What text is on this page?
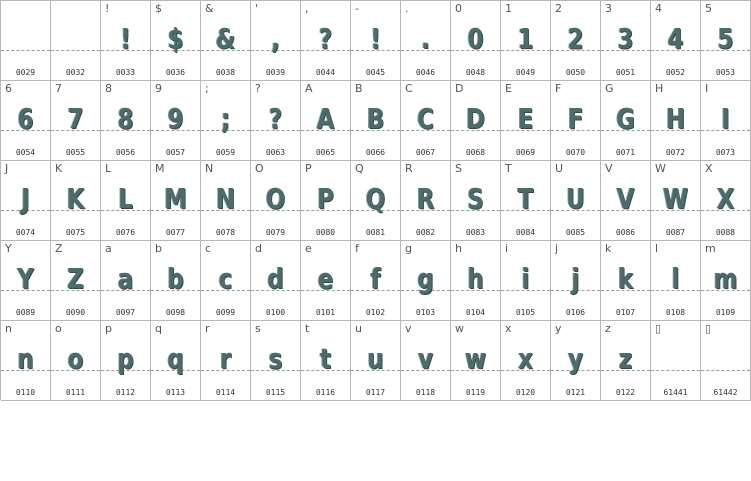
0029	0032
!
!
0033
$
$
0036
&
&
0038
'
,
0039
,
?
0044
-
!
0045
.
.
0046
0
0
0048
1
1
0049
2
2
0050
3
3
0051
4
4
0052
5
5
0053
6
6
0054
7
7
0055
8
8
0056
9
9
0057
;
;
0059
?
?
0063
A
A
0065
B
B
0066
C
C
0067
D
D
0068
E
E
0069
F
F
0070
G
G
0071
H
H
0072
I
I
0073
J
J
0074
K
K
0075
L
L
0076
M
M
0077
N
N
0078
O
O
0079
P
P
0080
Q
Q
0081
R
R
0082
S
S
0083
T
T
0084
U
U
0085
V
V
0086
W
W
0087
X
X
0088
Y
Y
0089
Z
Z
0090
a
a
0097
b
b
0098
c
c
0099
d
d
0100
e
e
0101
f
f
0102
g
g
0103
h
h
0104
i
i
0105
j
j
0106
k
k
0107
l
l
0108
m
m
0109
n
n
0110
o
o
0111
p
p
0112
q
q
0113
r
r
0114
s
s
0115
t
t
0116
u
u
0117
v
v
0118
w
w
0119
x
x
0120
y
y
0121
z
z
0122
▯
61441
▯
61442
